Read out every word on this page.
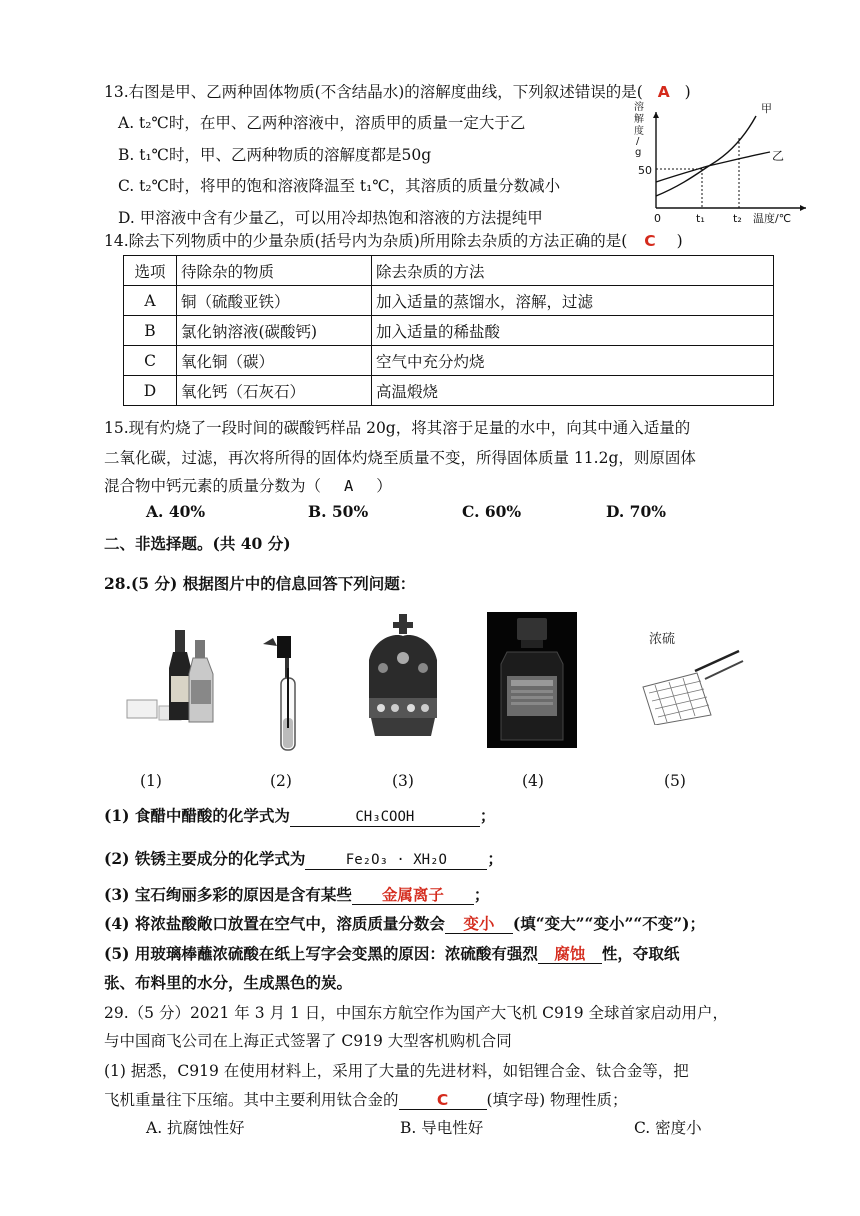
13.右图是甲、乙两种固体物质(不含结晶水)的溶解度曲线，下列叙述错误的是( A )
A. t₂℃时，在甲、乙两种溶液中，溶质甲的质量一定大于乙
B. t₁℃时，甲、乙两种物质的溶解度都是50g
C. t₂℃时，将甲的饱和溶液降温至 t₁℃，其溶质的质量分数减小
D. 甲溶液中含有少量乙，可以用冷却热饱和溶液的方法提纯甲
溶
解
度
/
g
50
0	t₁	t₂ 温度/℃
甲
乙
14.除去下列物质中的少量杂质(括号内为杂质)所用除去杂质的方法正确的是( C )
选项	待除杂的物质	除去杂质的方法
A	铜（硫酸亚铁）	加入适量的蒸馏水，溶解，过滤
B	氯化钠溶液(碳酸钙)	加入适量的稀盐酸
C	氧化铜（碳）	空气中充分灼烧
D	氧化钙（石灰石）	高温煅烧
15.现有灼烧了一段时间的碳酸钙样品 20g，将其溶于足量的水中，向其中通入适量的
二氧化碳，过滤，再次将所得的固体灼烧至质量不变，所得固体质量 11.2g，则原固体
混合物中钙元素的质量分数为（ A ）
A. 40%	B. 50%	C. 60%	D. 70%
二、非选择题。(共 40 分)
28.(5 分) 根据图片中的信息回答下列问题：
浓硫
(1)	(2)	(3)	(4)	(5)
(1) 食醋中醋酸的化学式为	CH₃COOH	；
(2) 铁锈主要成分的化学式为	Fe₂O₃ · XH₂O	；
(3) 宝石绚丽多彩的原因是含有某些 金属离子 ；
(4) 将浓盐酸敞口放置在空气中，溶质质量分数会 变小 (填“变大”“变小”“不变”)；
(5) 用玻璃棒蘸浓硫酸在纸上写字会变黑的原因：浓硫酸有强烈 腐蚀 性，夺取纸
张、布料里的水分，生成黑色的炭。
29.（5 分）2021 年 3 月 1 日，中国东方航空作为国产大飞机 C919 全球首家启动用户，
与中国商飞公司在上海正式签署了 C919 大型客机购机合同
(1) 据悉，C919 在使用材料上，采用了大量的先进材料，如铝锂合金、钛合金等，把
飞机重量往下压缩。其中主要利用钛合金的 C (填字母) 物理性质；
A. 抗腐蚀性好	B. 导电性好	C. 密度小
